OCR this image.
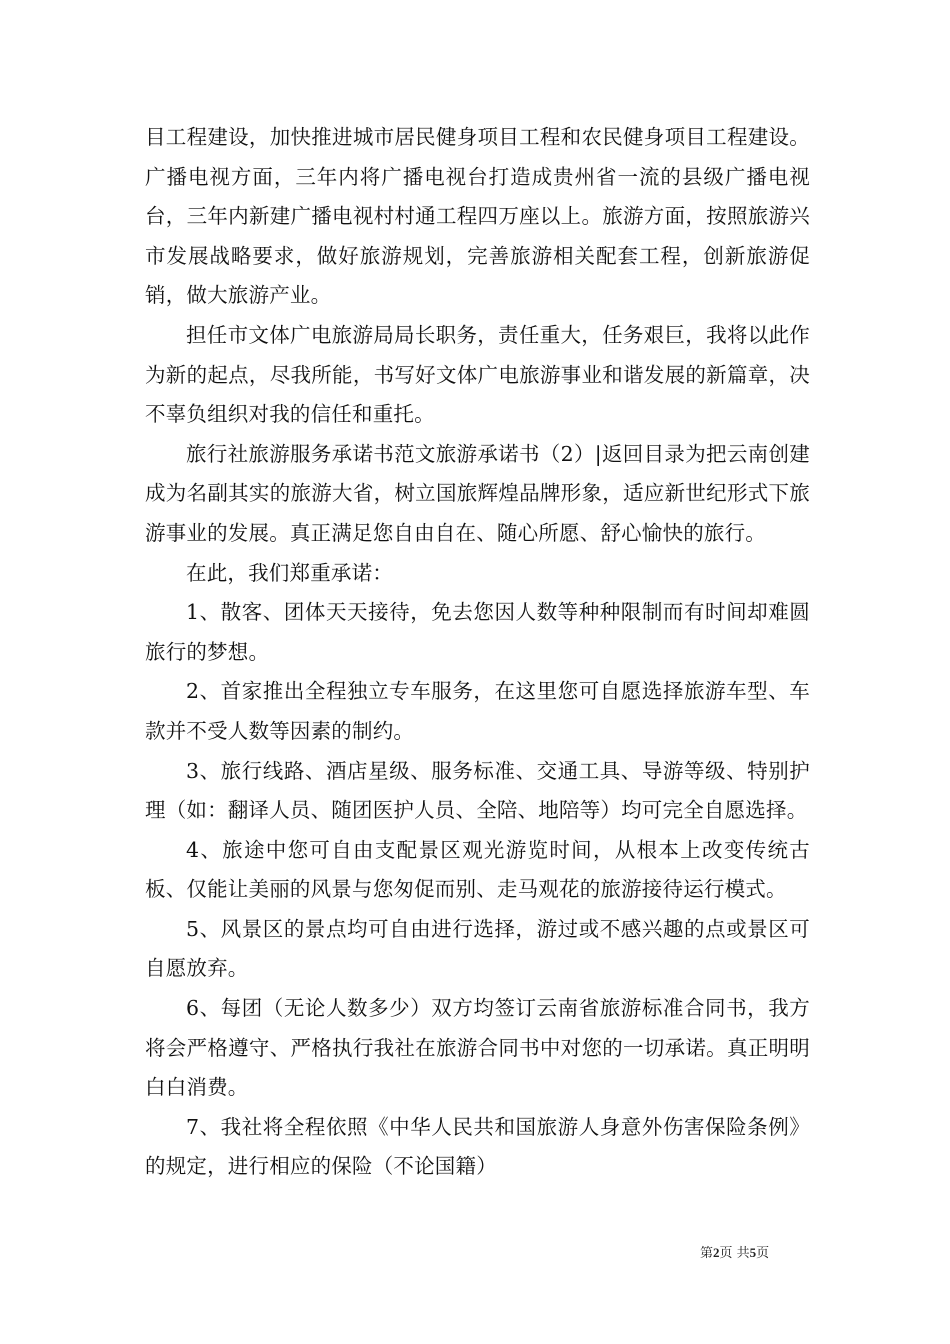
目工程建设，加快推进城市居民健身项目工程和农民健身项目工程建设。广播电视方面，三年内将广播电视台打造成贵州省一流的县级广播电视台，三年内新建广播电视村村通工程四万座以上。旅游方面，按照旅游兴市发展战略要求，做好旅游规划，完善旅游相关配套工程，创新旅游促销，做大旅游产业。

担任市文体广电旅游局局长职务，责任重大，任务艰巨，我将以此作为新的起点，尽我所能，书写好文体广电旅游事业和谐发展的新篇章，决不辜负组织对我的信任和重托。

旅行社旅游服务承诺书范文旅游承诺书（2）|返回目录为把云南创建成为名副其实的旅游大省，树立国旅辉煌品牌形象，适应新世纪形式下旅游事业的发展。真正满足您自由自在、随心所愿、舒心愉快的旅行。

在此，我们郑重承诺：

1、散客、团体天天接待，免去您因人数等种种限制而有时间却难圆旅行的梦想。

2、首家推出全程独立专车服务，在这里您可自愿选择旅游车型、车款并不受人数等因素的制约。

3、旅行线路、酒店星级、服务标准、交通工具、导游等级、特别护理（如：翻译人员、随团医护人员、全陪、地陪等）均可完全自愿选择。

4、旅途中您可自由支配景区观光游览时间，从根本上改变传统古板、仅能让美丽的风景与您匆促而别、走马观花的旅游接待运行模式。

5、风景区的景点均可自由进行选择，游过或不感兴趣的点或景区可自愿放弃。

6、每团（无论人数多少）双方均签订云南省旅游标准合同书，我方将会严格遵守、严格执行我社在旅游合同书中对您的一切承诺。真正明明白白消费。

7、我社将全程依照《中华人民共和国旅游人身意外伤害保险条例》的规定，进行相应的保险（不论国籍）

第2页 共5页
